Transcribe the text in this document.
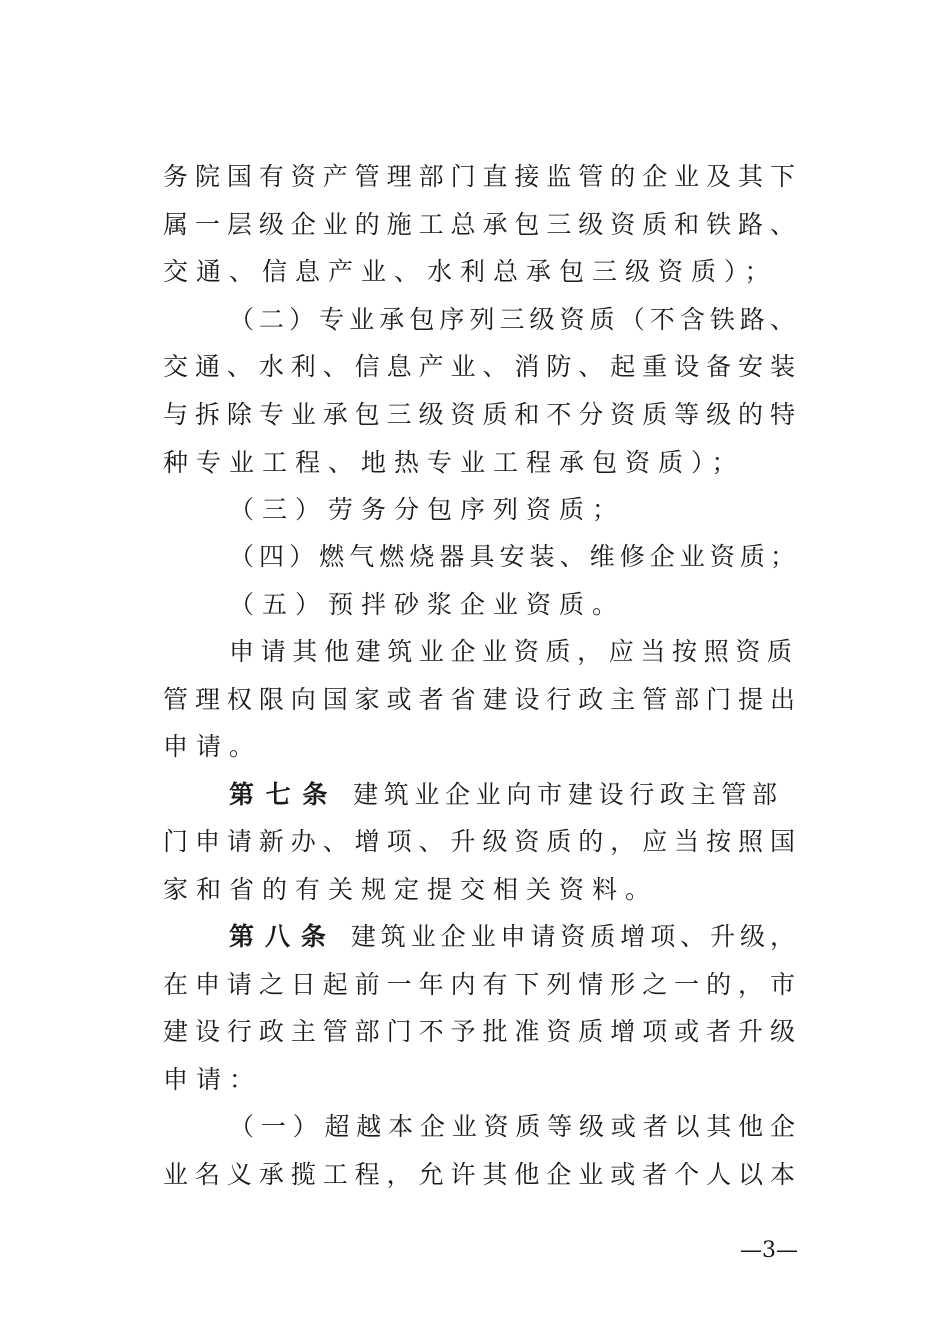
务院国有资产管理部门直接监管的企业及其下
属一层级企业的施工总承包三级资质和铁路、
交通、信息产业、水利总承包三级资质）；
（二）专业承包序列三级资质（不含铁路、
交通、水利、信息产业、消防、起重设备安装
与拆除专业承包三级资质和不分资质等级的特
种专业工程、地热专业工程承包资质）；
（三）劳务分包序列资质；
（四）燃气燃烧器具安装、维修企业资质；
（五）预拌砂浆企业资质。
申请其他建筑业企业资质，应当按照资质
管理权限向国家或者省建设行政主管部门提出
申请。
第七条 建筑业企业向市建设行政主管部
门申请新办、增项、升级资质的，应当按照国
家和省的有关规定提交相关资料。
第八条 建筑业企业申请资质增项、升级，
在申请之日起前一年内有下列情形之一的，市
建设行政主管部门不予批准资质增项或者升级
申请：
（一）超越本企业资质等级或者以其他企
业名义承揽工程，允许其他企业或者个人以本
—3—
